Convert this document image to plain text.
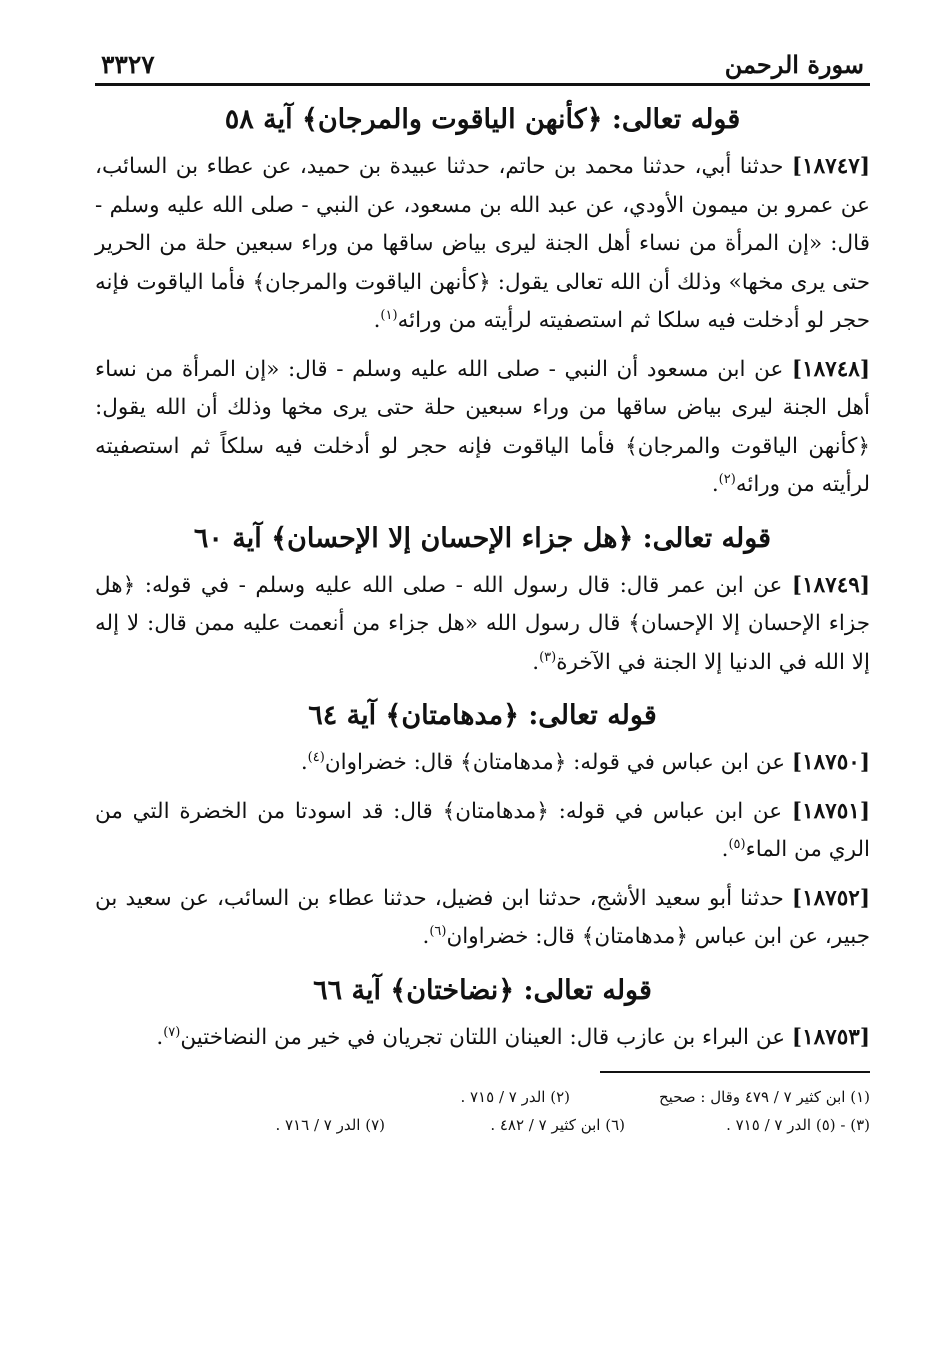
سورة الرحمن
٣٣٢٧
قوله تعالى: ﴿كأنهن الياقوت والمرجان﴾ آية ٥٨

[١٨٧٤٧] حدثنا أبي، حدثنا محمد بن حاتم، حدثنا عبيدة بن حميد، عن عطاء بن السائب، عن عمرو بن ميمون الأودي، عن عبد الله بن مسعود، عن النبي - صلى الله عليه وسلم - قال: «إن المرأة من نساء أهل الجنة ليرى بياض ساقها من وراء سبعين حلة من الحرير حتى يرى مخها» وذلك أن الله تعالى يقول: ﴿كأنهن الياقوت والمرجان﴾ فأما الياقوت فإنه حجر لو أدخلت فيه سلكا ثم استصفيته لرأيته من ورائه$^{(١)}$.

[١٨٧٤٨] عن ابن مسعود أن النبي - صلى الله عليه وسلم - قال: «إن المرأة من نساء أهل الجنة ليرى بياض ساقها من وراء سبعين حلة حتى يرى مخها وذلك أن الله يقول: ﴿كأنهن الياقوت والمرجان﴾ فأما الياقوت فإنه حجر لو أدخلت فيه سلكاً ثم استصفيته لرأيته من ورائه$^{(٢)}$.

قوله تعالى: ﴿هل جزاء الإحسان إلا الإحسان﴾ آية ٦٠

[١٨٧٤٩] عن ابن عمر قال: قال رسول الله - صلى الله عليه وسلم - في قوله: ﴿هل جزاء الإحسان إلا الإحسان﴾ قال رسول الله «هل جزاء من أنعمت عليه ممن قال: لا إله إلا الله في الدنيا إلا الجنة في الآخرة$^{(٣)}$.

قوله تعالى: ﴿مدهامتان﴾ آية ٦٤

[١٨٧٥٠] عن ابن عباس في قوله: ﴿مدهامتان﴾ قال: خضراوان$^{(٤)}$.

[١٨٧٥١] عن ابن عباس في قوله: ﴿مدهامتان﴾ قال: قد اسودتا من الخضرة التي من الري من الماء$^{(٥)}$.

[١٨٧٥٢] حدثنا أبو سعيد الأشج، حدثنا ابن فضيل، حدثنا عطاء بن السائب، عن سعيد بن جبير، عن ابن عباس ﴿مدهامتان﴾ قال: خضراوان$^{(٦)}$.

قوله تعالى: ﴿نضاختان﴾ آية ٦٦

[١٨٧٥٣] عن البراء بن عازب قال: العينان اللتان تجريان في خير من النضاختين$^{(٧)}$.

(١) ابن كثير ٧ / ٤٧٩ وقال : صحيح
(٢) الدر ٧ / ٧١٥ .
(٣) - (٥) الدر ٧ / ٧١٥ .
(٦) ابن كثير ٧ / ٤٨٢ .
(٧) الدر ٧ / ٧١٦ .
